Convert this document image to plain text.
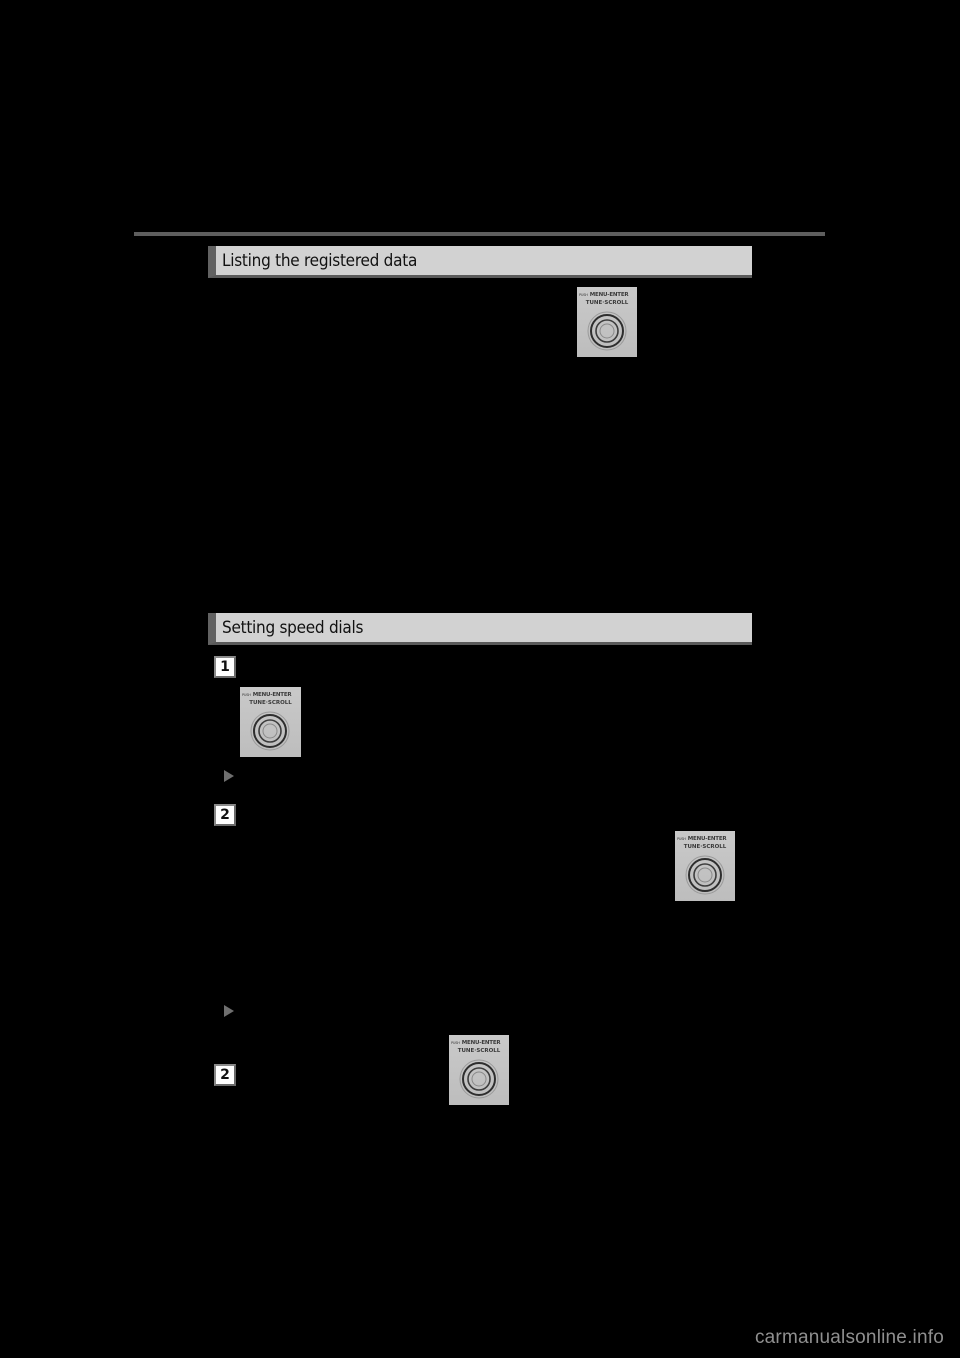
Listing the registered data
PUSH MENU-ENTER
TUNE·SCROLL
Setting speed dials
1
PUSH MENU-ENTER
TUNE·SCROLL
2
PUSH MENU-ENTER
TUNE·SCROLL
PUSH MENU-ENTER
TUNE·SCROLL
2
carmanualsonline.info
